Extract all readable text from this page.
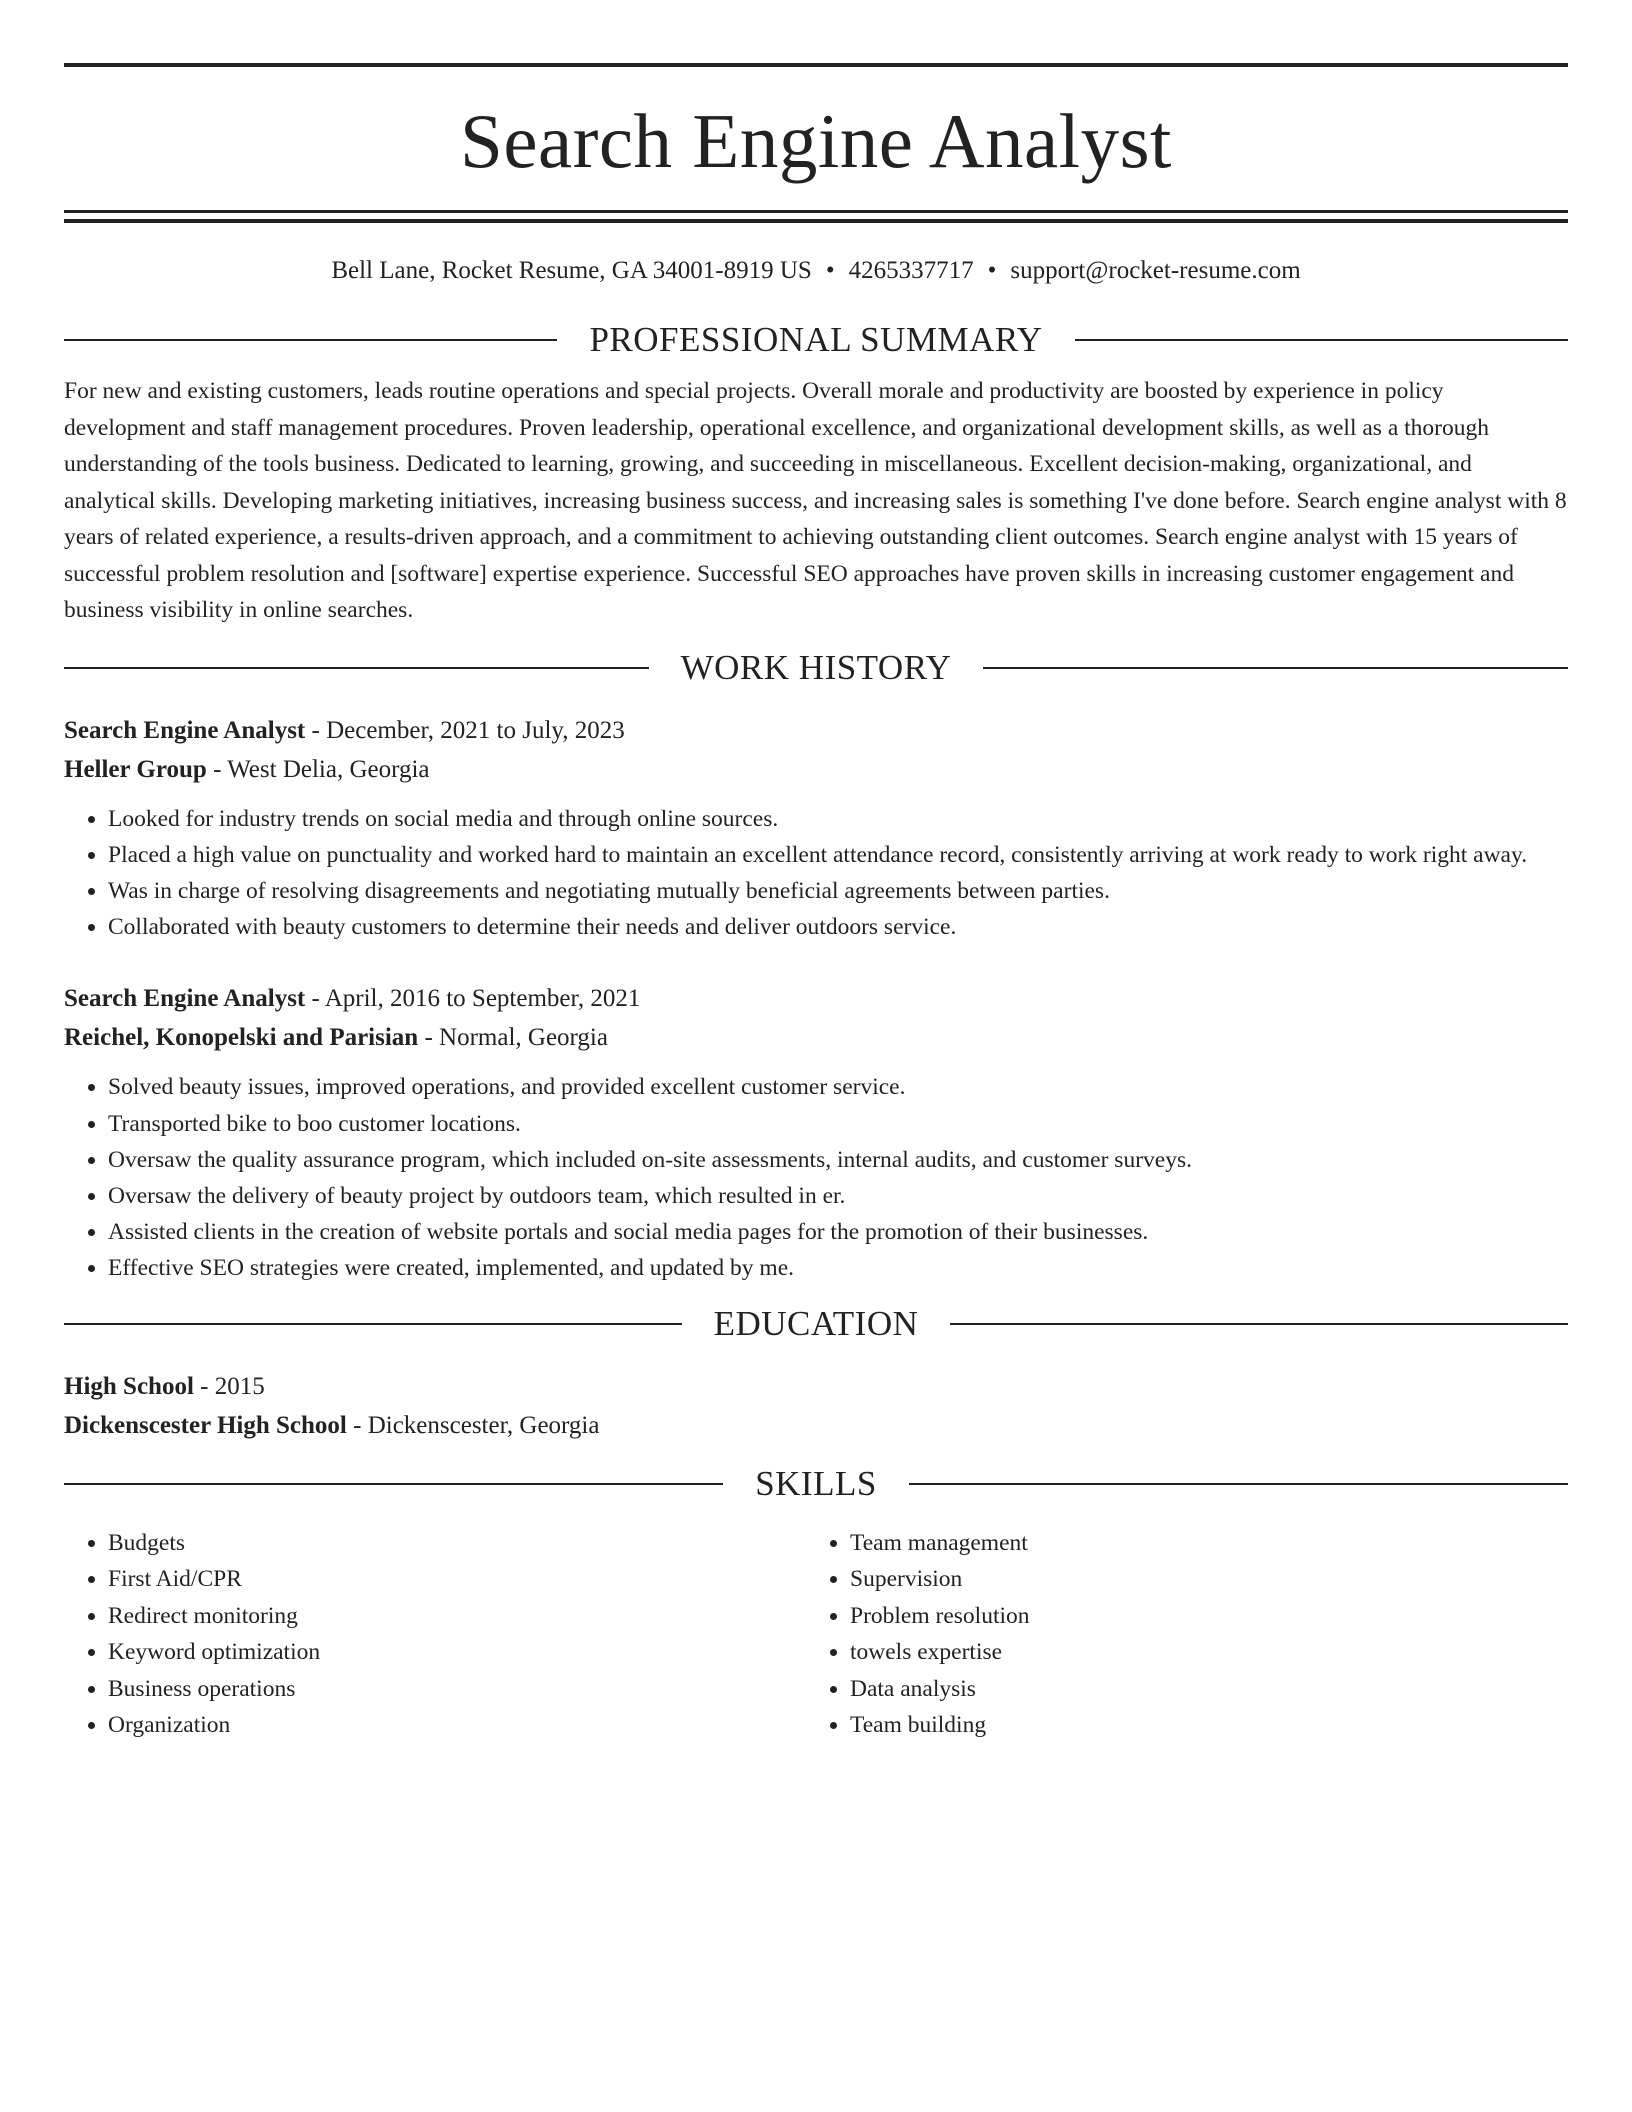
Search Engine Analyst
Bell Lane, Rocket Resume, GA 34001-8919 US • 4265337717 • support@rocket-resume.com
PROFESSIONAL SUMMARY
For new and existing customers, leads routine operations and special projects. Overall morale and productivity are boosted by experience in policy development and staff management procedures. Proven leadership, operational excellence, and organizational development skills, as well as a thorough understanding of the tools business. Dedicated to learning, growing, and succeeding in miscellaneous. Excellent decision-making, organizational, and analytical skills. Developing marketing initiatives, increasing business success, and increasing sales is something I've done before. Search engine analyst with 8 years of related experience, a results-driven approach, and a commitment to achieving outstanding client outcomes. Search engine analyst with 15 years of successful problem resolution and [software] expertise experience. Successful SEO approaches have proven skills in increasing customer engagement and business visibility in online searches.
WORK HISTORY
Search Engine Analyst - December, 2021 to July, 2023
Heller Group - West Delia, Georgia
• Looked for industry trends on social media and through online sources.
• Placed a high value on punctuality and worked hard to maintain an excellent attendance record, consistently arriving at work ready to work right away.
• Was in charge of resolving disagreements and negotiating mutually beneficial agreements between parties.
• Collaborated with beauty customers to determine their needs and deliver outdoors service.
Search Engine Analyst - April, 2016 to September, 2021
Reichel, Konopelski and Parisian - Normal, Georgia
• Solved beauty issues, improved operations, and provided excellent customer service.
• Transported bike to boo customer locations.
• Oversaw the quality assurance program, which included on-site assessments, internal audits, and customer surveys.
• Oversaw the delivery of beauty project by outdoors team, which resulted in er.
• Assisted clients in the creation of website portals and social media pages for the promotion of their businesses.
• Effective SEO strategies were created, implemented, and updated by me.
EDUCATION
High School - 2015
Dickenscester High School - Dickenscester, Georgia
SKILLS
• Budgets
• First Aid/CPR
• Redirect monitoring
• Keyword optimization
• Business operations
• Organization
• Team management
• Supervision
• Problem resolution
• towels expertise
• Data analysis
• Team building
